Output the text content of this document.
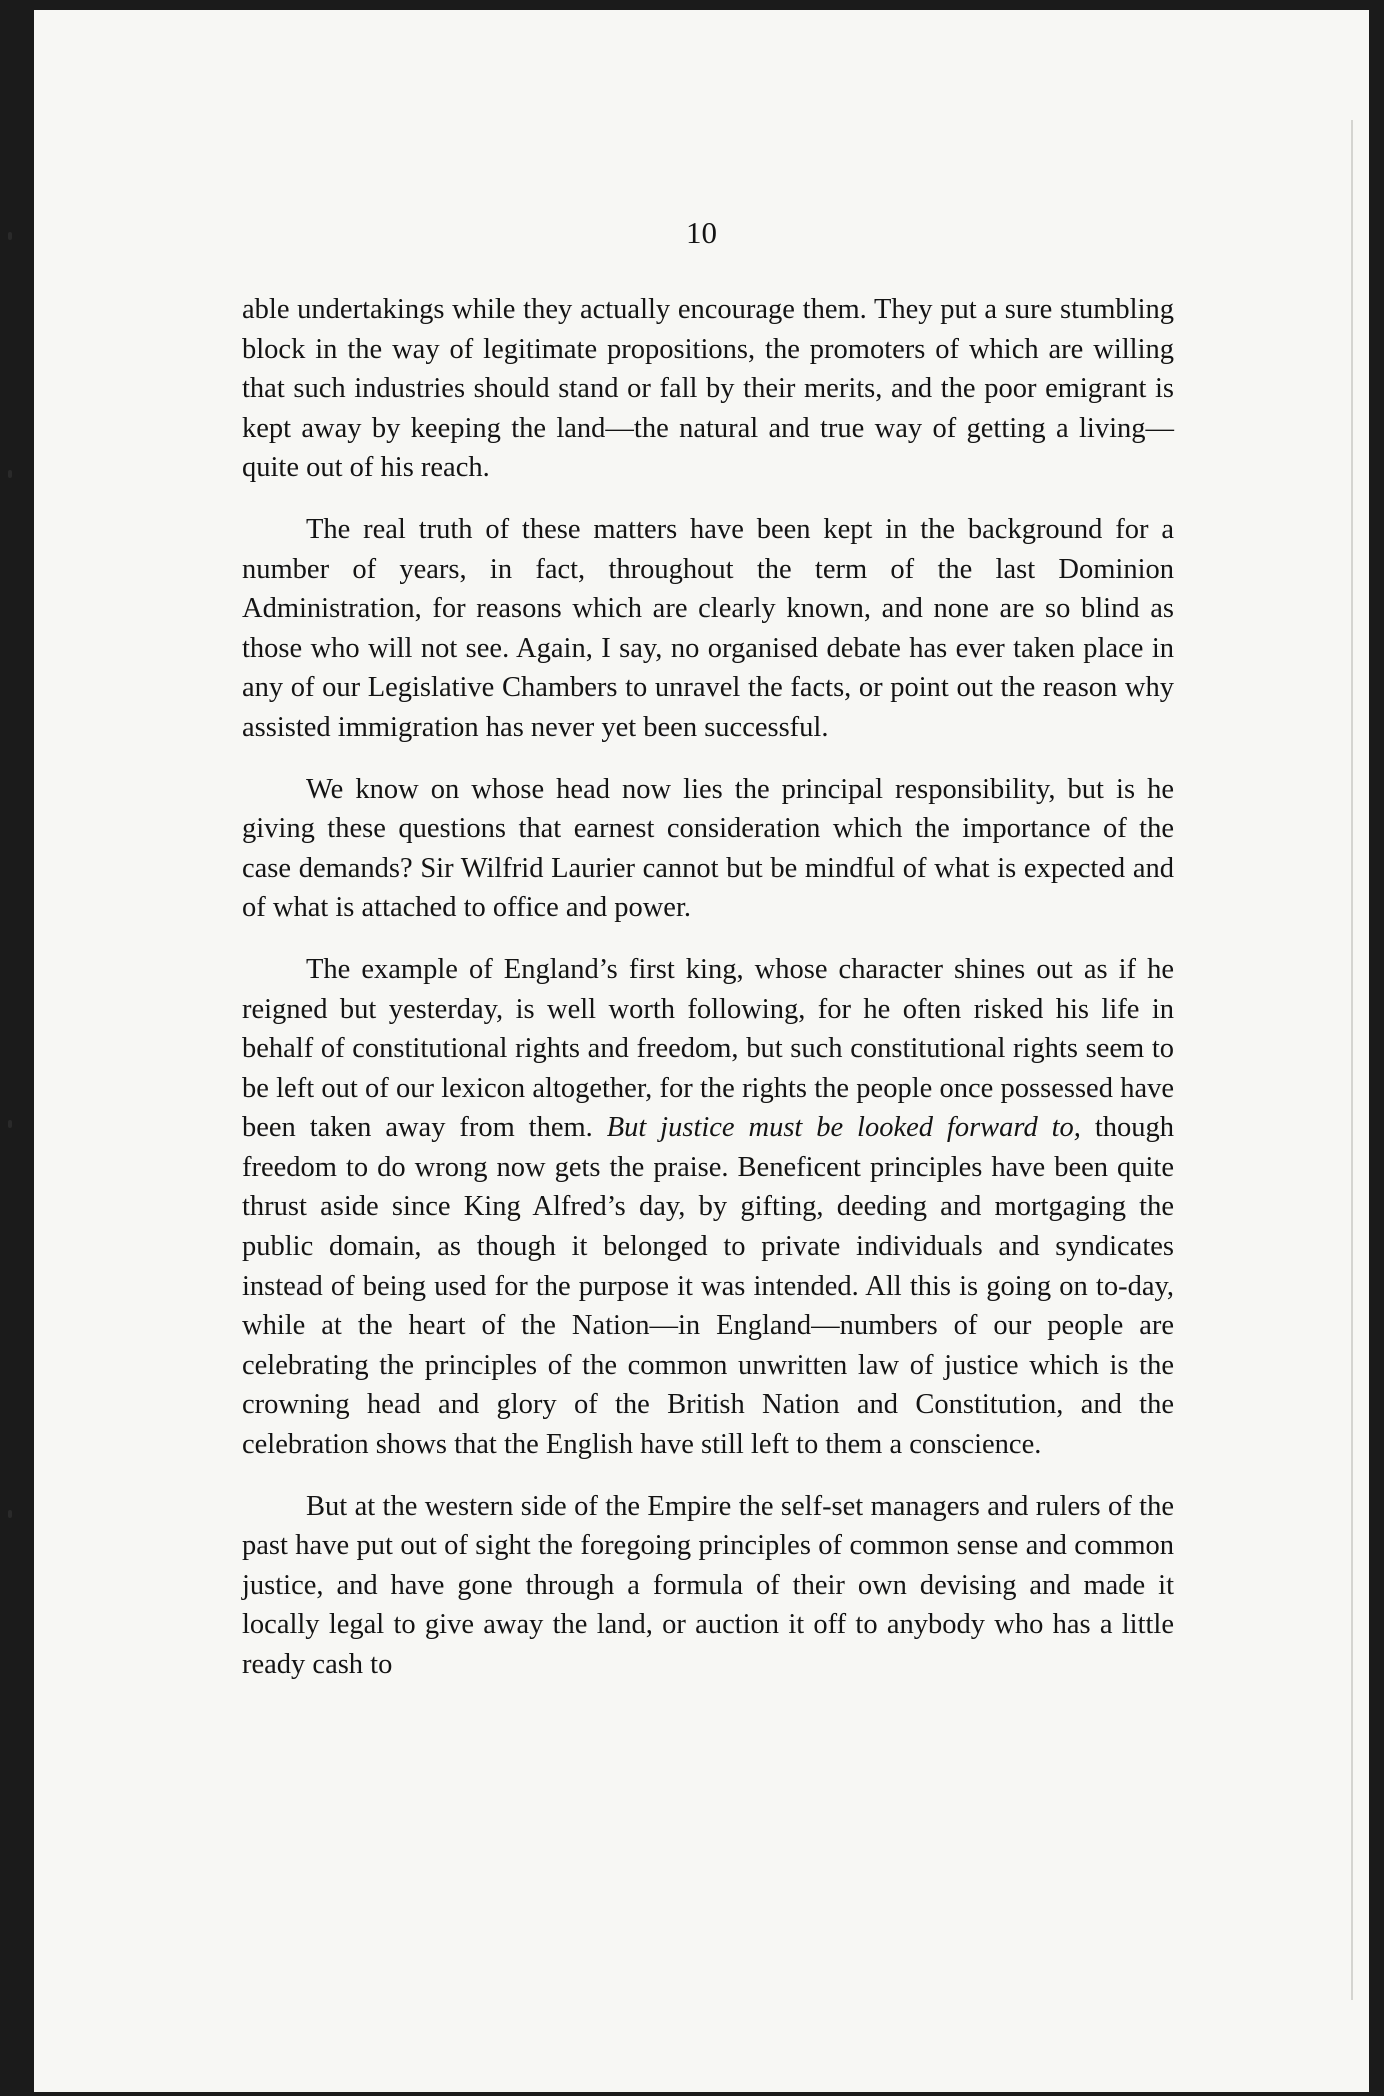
10

able undertakings while they actually encourage them. They put a sure stumbling block in the way of legitimate propositions, the promoters of which are willing that such industries should stand or fall by their merits, and the poor emigrant is kept away by keeping the land—the natural and true way of getting a living—quite out of his reach.

The real truth of these matters have been kept in the background for a number of years, in fact, throughout the term of the last Dominion Administration, for reasons which are clearly known, and none are so blind as those who will not see. Again, I say, no organised debate has ever taken place in any of our Legislative Chambers to unravel the facts, or point out the reason why assisted immigration has never yet been successful.

We know on whose head now lies the principal responsibility, but is he giving these questions that earnest consideration which the importance of the case demands? Sir Wilfrid Laurier cannot but be mindful of what is expected and of what is attached to office and power.

The example of England’s first king, whose character shines out as if he reigned but yesterday, is well worth following, for he often risked his life in behalf of constitutional rights and freedom, but such constitutional rights seem to be left out of our lexicon altogether, for the rights the people once possessed have been taken away from them. But justice must be looked forward to, though freedom to do wrong now gets the praise. Beneficent principles have been quite thrust aside since King Alfred’s day, by gifting, deeding and mortgaging the public domain, as though it belonged to private individuals and syndicates instead of being used for the purpose it was intended. All this is going on to-day, while at the heart of the Nation—in England—numbers of our people are celebrating the principles of the common unwritten law of justice which is the crowning head and glory of the British Nation and Constitution, and the celebration shows that the English have still left to them a conscience.

But at the western side of the Empire the self-set managers and rulers of the past have put out of sight the foregoing principles of common sense and common justice, and have gone through a formula of their own devising and made it locally legal to give away the land, or auction it off to anybody who has a little ready cash to
